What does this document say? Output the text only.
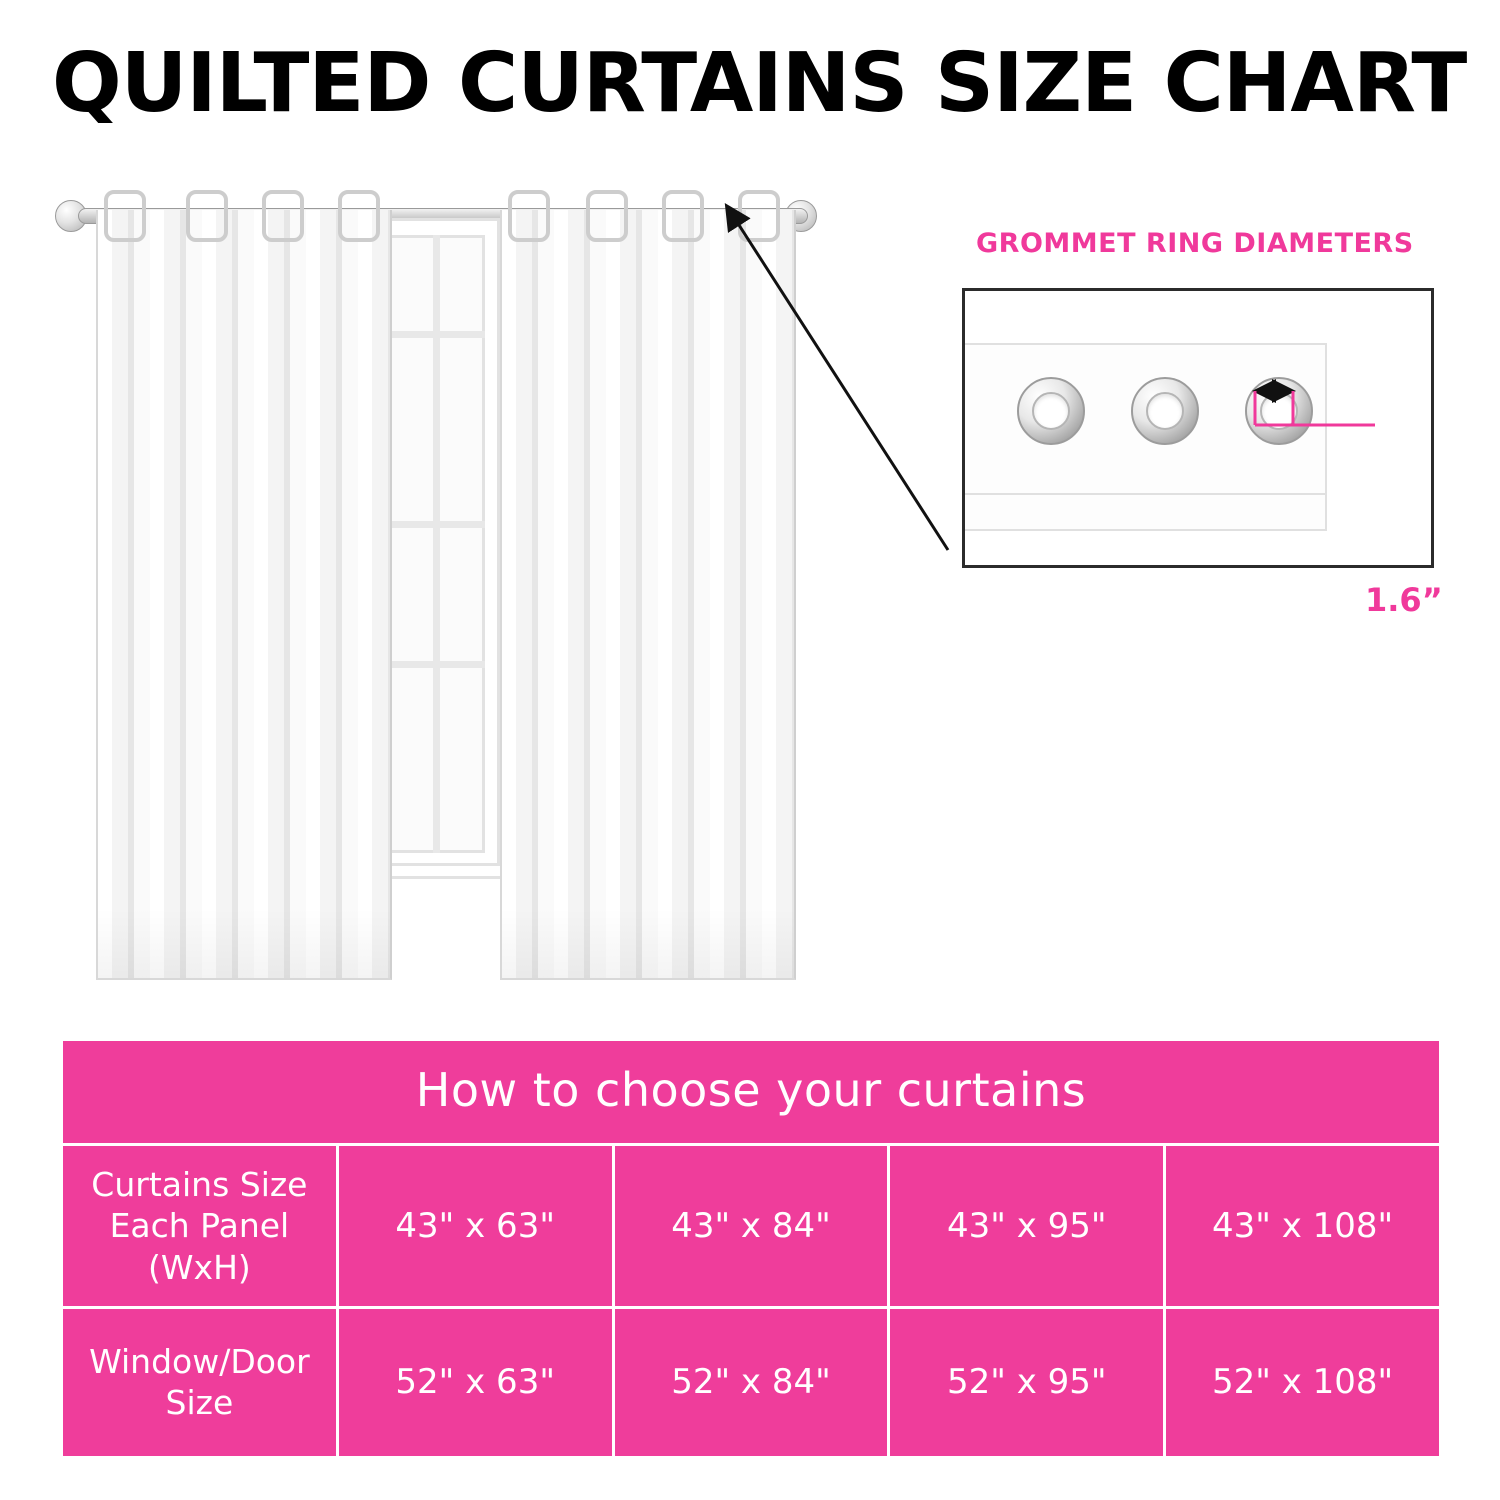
QUILTED CURTAINS SIZE CHART
GROMMET RING DIAMETERS
1.6”
How to choose your curtains				

Curtains Size
Each Panel
(WxH)	43" x 63"	43" x 84"	43" x 95"	43" x 108"

Window/Door
Size	52" x 63"	52" x 84"	52" x 95"	52" x 108"
